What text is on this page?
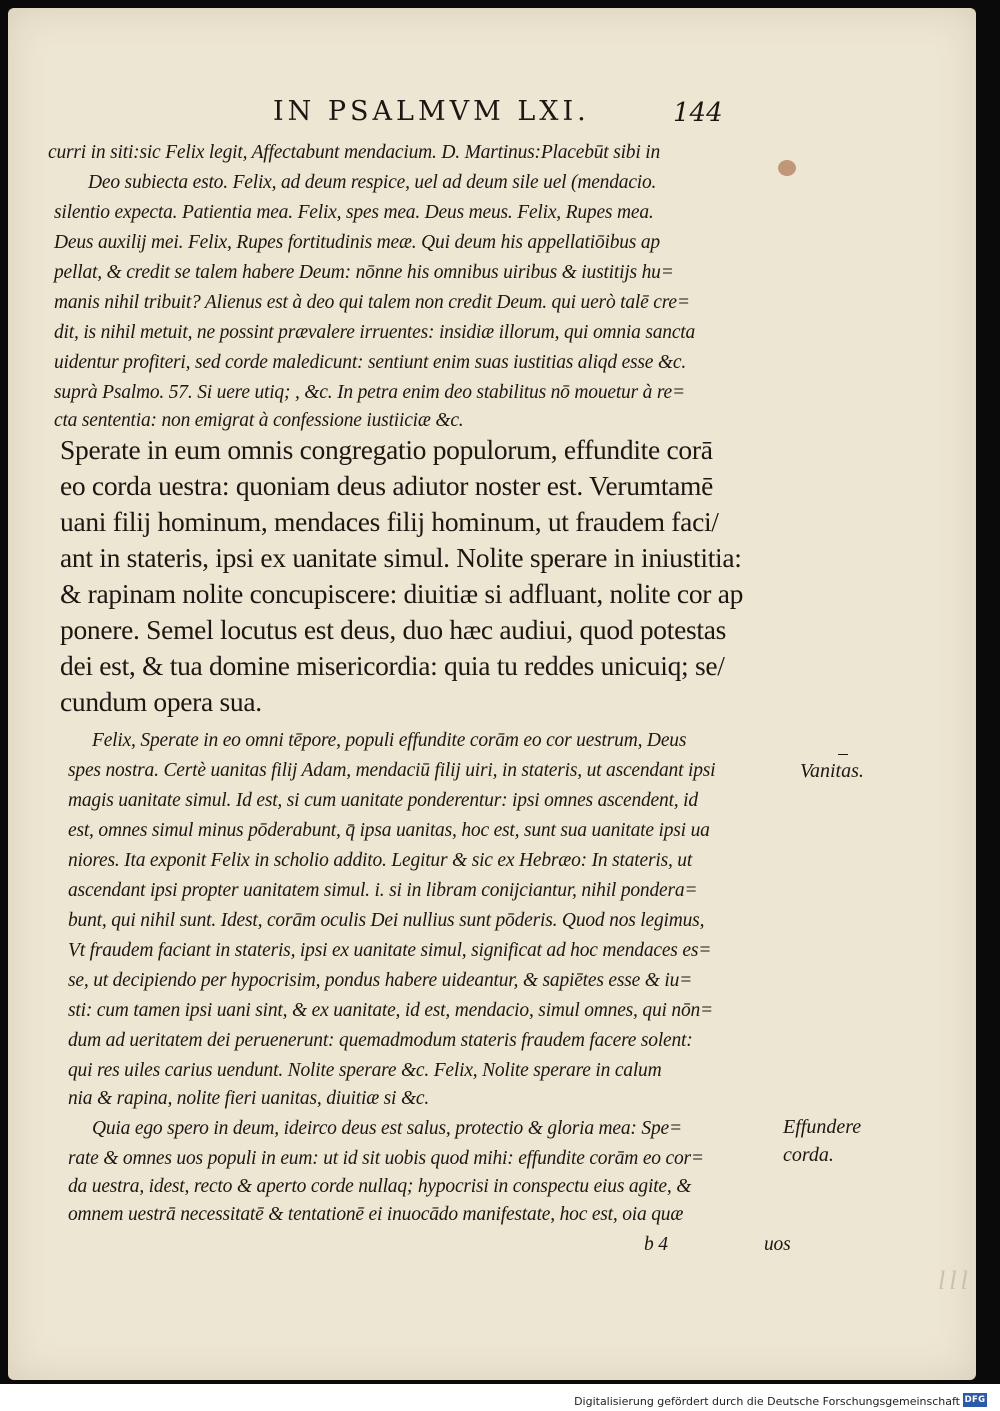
IN PSALMVM LXI.	144
curri in siti:sic Felix legit, Affectabunt mendacium. D. Martinus:Placebūt sibi in
Deo subiecta esto. Felix, ad deum respice, uel ad deum sile uel (mendacio.
silentio expecta. Patientia mea. Felix, spes mea. Deus meus. Felix, Rupes mea.
Deus auxilij mei. Felix, Rupes fortitudinis meæ. Qui deum his appellatiōibus ap
pellat, & credit se talem habere Deum: nōnne his omnibus uiribus & iustitijs hu=
manis nihil tribuit? Alienus est à deo qui talem non credit Deum. qui uerò talē cre=
dit, is nihil metuit, ne possint prævalere irruentes: insidiæ illorum, qui omnia sancta
uidentur profiteri, sed corde maledicunt: sentiunt enim suas iustitias aliqd esse &c.
suprà Psalmo. 57. Si uere utiq; , &c. In petra enim deo stabilitus nō mouetur à re=
cta sententia: non emigrat à confessione iustiiciæ &c.
Sperate in eum omnis congregatio populorum, effundite corā
eo corda uestra: quoniam deus adiutor noster est. Verumtamē
uani filij hominum, mendaces filij hominum, ut fraudem faci/
ant in stateris, ipsi ex uanitate simul. Nolite sperare in iniustitia:
& rapinam nolite concupiscere: diuitiæ si adfluant, nolite cor ap
ponere. Semel locutus est deus, duo hæc audiui, quod potestas
dei est, & tua domine misericordia: quia tu reddes unicuiq; se/
cundum opera sua.
Felix, Sperate in eo omni tēpore, populi effundite corām eo cor uestrum, Deus
spes nostra. Certè uanitas filij Adam, mendaciū filij uiri, in stateris, ut ascendant ipsi
magis uanitate simul. Id est, si cum uanitate ponderentur: ipsi omnes ascendent, id
est, omnes simul minus pōderabunt, q̄ ipsa uanitas, hoc est, sunt sua uanitate ipsi ua
niores. Ita exponit Felix in scholio addito. Legitur & sic ex Hebræo: In stateris, ut
ascendant ipsi propter uanitatem simul. i. si in libram conijciantur, nihil pondera=
bunt, qui nihil sunt. Idest, corām oculis Dei nullius sunt pōderis. Quod nos legimus,
Vt fraudem faciant in stateris, ipsi ex uanitate simul, significat ad hoc mendaces es=
se, ut decipiendo per hypocrisim, pondus habere uideantur, & sapiētes esse & iu=
sti: cum tamen ipsi uani sint, & ex uanitate, id est, mendacio, simul omnes, qui nōn=
dum ad ueritatem dei peruenerunt: quemadmodum stateris fraudem facere solent:
qui res uiles carius uendunt. Nolite sperare &c. Felix, Nolite sperare in calum
nia & rapina, nolite fieri uanitas, diuitiæ si &c.
Quia ego spero in deum, ideirco deus est salus, protectio & gloria mea: Spe=
rate & omnes uos populi in eum: ut id sit uobis quod mihi: effundite corām eo cor=
da uestra, idest, recto & aperto corde nullaq; hypocrisi in conspectu eius agite, &
omnem uestrā necessitatē & tentationē ei inuocādo manifestate, hoc est, oia quæ
b 4	uos
Vanitas.
Effundere
corda.
lll
Digitalisierung gefördert durch die Deutsche Forschungsgemeinschaft DFG
